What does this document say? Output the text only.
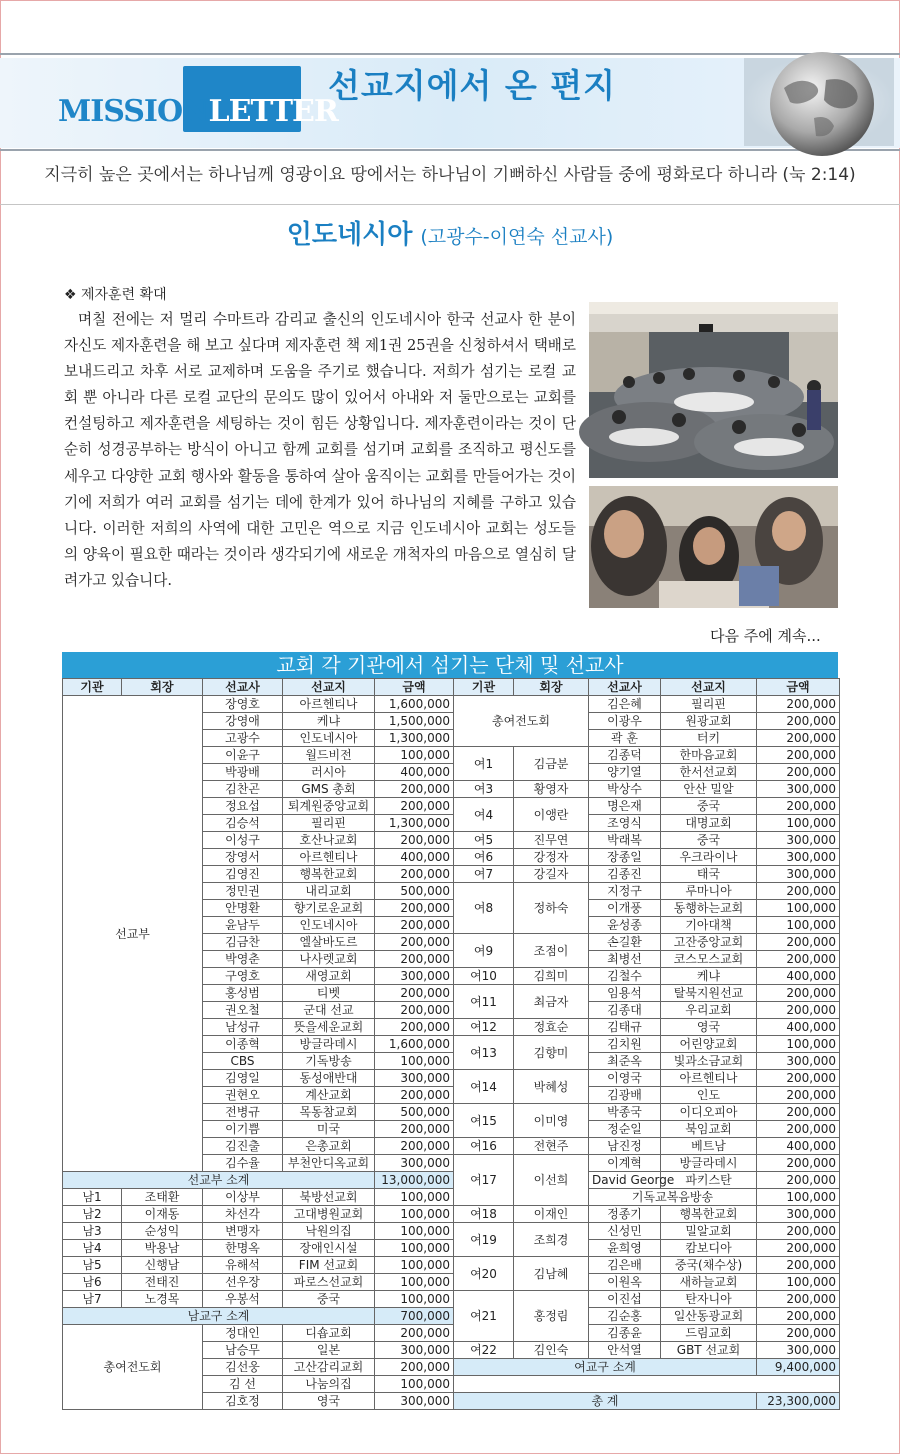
MISSIONLETTER
선교지에서 온 편지
지극히 높은 곳에서는 하나님께 영광이요 땅에서는 하나님이 기뻐하신 사람들 중에 평화로다 하니라 (눅 2:14)
인도네시아 (고광수-이연숙 선교사)
❖ 제자훈련 확대
며칠 전에는 저 멀리 수마트라 감리교 출신의 인도네시아 한국 선교사 한 분이 자신도 제자훈련을 해 보고 싶다며 제자훈련 책 제1권 25권을 신청하셔서 택배로 보내드리고 차후 서로 교제하며 도움을 주기로 했습니다. 저희가 섬기는 로컬 교회 뿐 아니라 다른 로컬 교단의 문의도 많이 있어서 아내와 저 둘만으로는 교회를 컨설팅하고 제자훈련을 세팅하는 것이 힘든 상황입니다. 제자훈련이라는 것이 단순히 성경공부하는 방식이 아니고 함께 교회를 섬기며 교회를 조직하고 평신도를 세우고 다양한 교회 행사와 활동을 통하여 살아 움직이는 교회를 만들어가는 것이기에 저희가 여러 교회를 섬기는 데에 한계가 있어 하나님의 지혜를 구하고 있습니다. 이러한 저희의 사역에 대한 고민은 역으로 지금 인도네시아 교회는 성도들의 양육이 필요한 때라는 것이라 생각되기에 새로운 개척자의 마음으로 열심히 달려가고 있습니다.
다음 주에 계속...
교회 각 기관에서 섬기는 단체 및 선교사
기관	회장	선교사	선교지	금액	기관	회장	선교사	선교지	금액
선교부		장영호	아르헨티나	1,600,000	총여전도회		김은혜	필리핀	200,000
		강영애	케냐	1,500,000			이광우	원광교회	200,000
		고광수	인도네시아	1,300,000			곽 훈	터키	200,000
		이윤구	월드비전	100,000	여1	김금분	김종덕	한마음교회	200,000
		박광배	러시아	400,000			양기열	한서선교회	200,000
		김찬곤	GMS 총회	200,000	여3	황영자	박상수	안산 밀알	300,000
		정요섭	퇴계원중앙교회	200,000	여4	이앵란	명은재	중국	200,000
		김승석	필리핀	1,300,000			조영식	대명교회	100,000
		이성구	호산나교회	200,000	여5	진무연	박래복	중국	300,000
		장영서	아르헨티나	400,000	여6	강정자	장종일	우크라이나	300,000
		김영진	행복한교회	200,000	여7	강길자	김종진	태국	300,000
		정민권	내리교회	500,000	여8	정하숙	지정구	루마니아	200,000
		안명환	향기로운교회	200,000			이개풍	동행하는교회	100,000
		윤남두	인도네시아	200,000			윤성종	기아대책	100,000
		김금찬	엘살바도르	200,000	여9	조점이	손길환	고잔중앙교회	200,000
		박영춘	나사렛교회	200,000			최병선	코스모스교회	200,000
		구영호	새영교회	300,000	여10	김희미	김철수	케냐	400,000
		홍성범	티벳	200,000	여11	최금자	임용석	탈북지원선교	200,000
		권오철	군대 선교	200,000			김종대	우리교회	200,000
		남성규	뜻을세운교회	200,000	여12	정효순	김태규	영국	400,000
		이종혁	방글라데시	1,600,000	여13	김향미	김치원	어린양교회	100,000
		CBS	기독방송	100,000			최준옥	빛과소금교회	300,000
		김영일	동성애반대	300,000	여14	박혜성	이영국	아르헨티나	200,000
		권현오	계산교회	200,000			김광배	인도	200,000
		전병규	목동참교회	500,000	여15	이미영	박종국	이디오피아	200,000
		이기쁨	미국	200,000			정순일	북임교회	200,000
		김진출	은총교회	200,000	여16	전현주	남진정	베트남	400,000
		김수율	부천안디옥교회	300,000	여17	이선희	이계혁	방글라데시	200,000
선교부 소계				13,000,000			David George	파키스탄	200,000
남1	조태환	이상부	북방선교회	100,000			기독교복음방송		100,000
남2	이재동	차선각	고대병원교회	100,000	여18	이재인	정종기	행복한교회	300,000
남3	순성익	변맹자	낙원의집	100,000	여19	조희경	신성민	밀알교회	200,000
남4	박용남	한명옥	장애인시설	100,000			윤희영	캄보디아	200,000
남5	신행남	유해석	FIM 선교회	100,000	여20	김남혜	김은배	중국(채수상)	200,000
남6	전태진	선우장	파로스선교회	100,000			이원옥	새하늘교회	100,000
남7	노경목	우봉석	중국	100,000	여21	홍정림	이진섭	탄자니아	200,000
남교구 소계				700,000			김순홍	일산동광교회	200,000
총여전도회		정대인	디숍교회	200,000			김종윤	드림교회	200,000
		남승무	일본	300,000	여22	김인숙	안석열	GBT 선교회	300,000
		김선웅	고산감리교회	200,000	여교구 소계				9,400,000
		김 선	나눔의집	100,000					
		김호정	영국	300,000	총 계				23,300,000
